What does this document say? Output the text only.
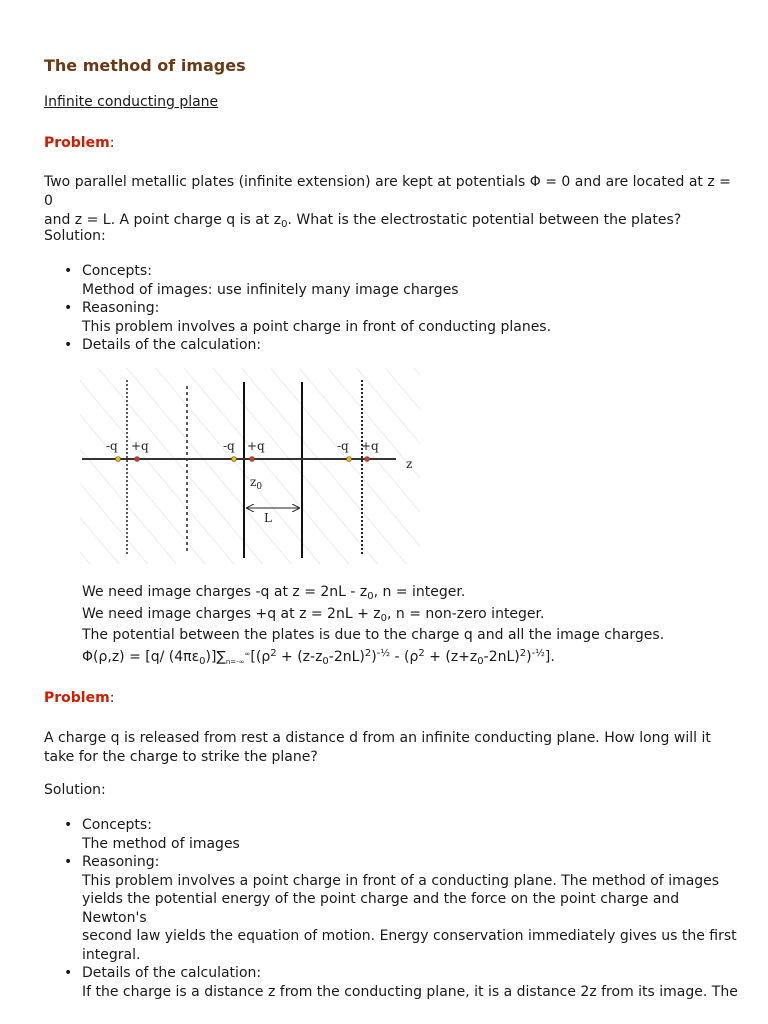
The method of images
Infinite conducting plane
Problem:

Two parallel metallic plates (infinite extension) are kept at potentials Φ = 0 and are located at z = 0
and z = L. A point charge q is at $z_0$. What is the electrostatic potential between the plates?

Solution:
• Concepts:
Method of images: use infinitely many image charges
• Reasoning:
This problem involves a point charge in front of conducting planes.
• Details of the calculation:
We need image charges -q at $z = 2nL - z_0$, n = integer.
We need image charges +q at $z = 2nL + z_0$, n = non-zero integer.
The potential between the plates is due to the charge q and all the image charges.
Φ(ρ,z) = [q/ $(4\pi\varepsilon_0)]\sum_{n=-\infty}^\infty[(\rho^2 + (z-z_0-2nL)^2)^{-\frac{1}{2}} - (\rho^2 + (z+z_0-2nL)^2)^{-\frac{1}{2}}]$.
Problem:

A charge q is released from rest a distance d from an infinite conducting plane. How long will it
take for the charge to strike the plane?

Solution:
• Concepts:
The method of images
• Reasoning:
This problem involves a point charge in front of a conducting plane. The method of images
yields the potential energy of the point charge and the force on the point charge and Newton's
second law yields the equation of motion. Energy conservation immediately gives us the first
integral.
• Details of the calculation:
If the charge is a distance z from the conducting plane, it is a distance 2z from its image. The
z
-q +q	-q +q	-q +q
$z_0$
L
